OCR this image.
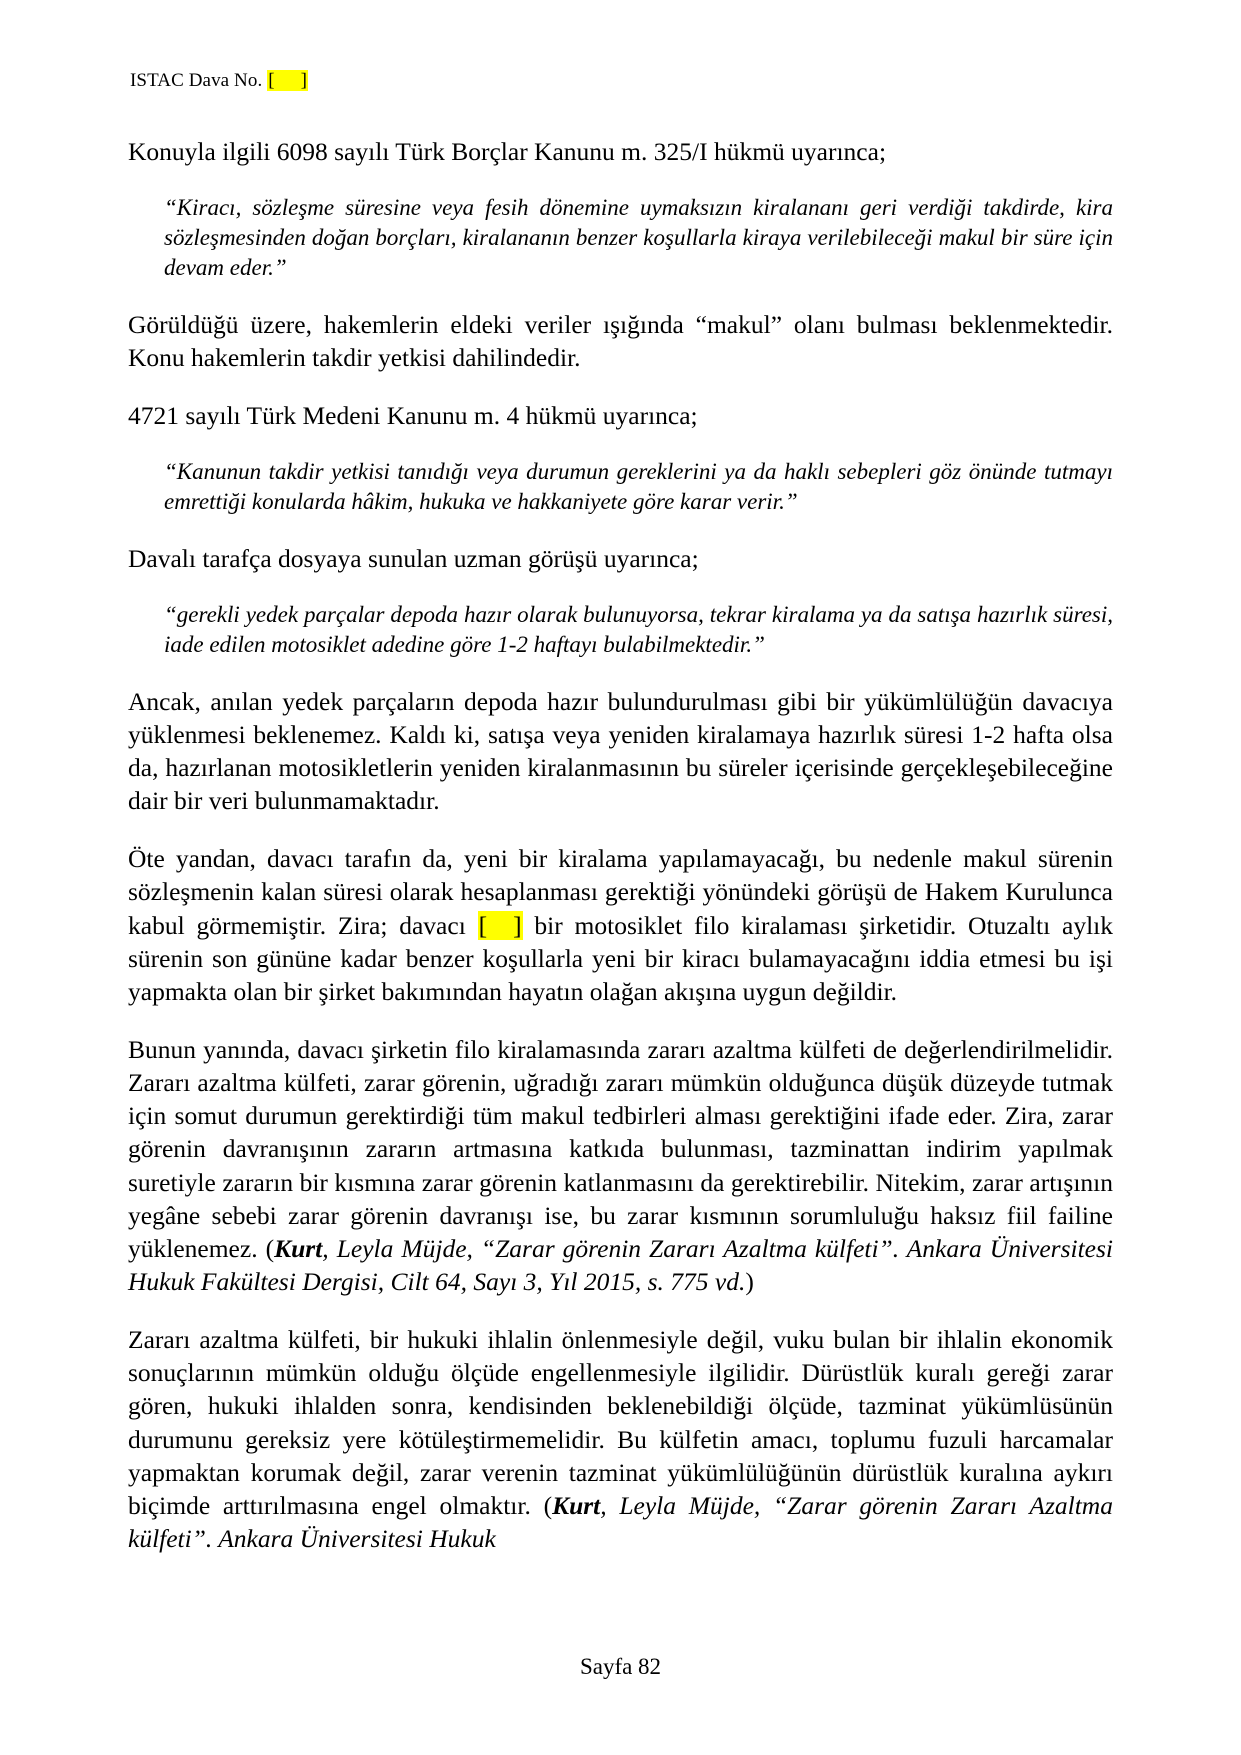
ISTAC Dava No. [ ]

Konuyla ilgili 6098 sayılı Türk Borçlar Kanunu m. 325/I hükmü uyarınca;

“Kiracı, sözleşme süresine veya fesih dönemine uymaksızın kiralananı geri verdiği takdirde, kira sözleşmesinden doğan borçları, kiralananın benzer koşullarla kiraya verilebileceği makul bir süre için devam eder.”

Görüldüğü üzere, hakemlerin eldeki veriler ışığında “makul” olanı bulması beklenmektedir. Konu hakemlerin takdir yetkisi dahilindedir.

4721 sayılı Türk Medeni Kanunu m. 4 hükmü uyarınca;

“Kanunun takdir yetkisi tanıdığı veya durumun gereklerini ya da haklı sebepleri göz önünde tutmayı emrettiği konularda hâkim, hukuka ve hakkaniyete göre karar verir.”

Davalı tarafça dosyaya sunulan uzman görüşü uyarınca;

“gerekli yedek parçalar depoda hazır olarak bulunuyorsa, tekrar kiralama ya da satışa hazırlık süresi, iade edilen motosiklet adedine göre 1-2 haftayı bulabilmektedir.”

Ancak, anılan yedek parçaların depoda hazır bulundurulması gibi bir yükümlülüğün davacıya yüklenmesi beklenemez. Kaldı ki, satışa veya yeniden kiralamaya hazırlık süresi 1-2 hafta olsa da, hazırlanan motosikletlerin yeniden kiralanmasının bu süreler içerisinde gerçekleşebileceğine dair bir veri bulunmamaktadır.

Öte yandan, davacı tarafın da, yeni bir kiralama yapılamayacağı, bu nedenle makul sürenin sözleşmenin kalan süresi olarak hesaplanması gerektiği yönündeki görüşü de Hakem Kurulunca kabul görmemiştir. Zira; davacı [ ] bir motosiklet filo kiralaması şirketidir. Otuzaltı aylık sürenin son gününe kadar benzer koşullarla yeni bir kiracı bulamayacağını iddia etmesi bu işi yapmakta olan bir şirket bakımından hayatın olağan akışına uygun değildir.

Bunun yanında, davacı şirketin filo kiralamasında zararı azaltma külfeti de değerlendirilmelidir. Zararı azaltma külfeti, zarar görenin, uğradığı zararı mümkün olduğunca düşük düzeyde tutmak için somut durumun gerektirdiği tüm makul tedbirleri alması gerektiğini ifade eder. Zira, zarar görenin davranışının zararın artmasına katkıda bulunması, tazminattan indirim yapılmak suretiyle zararın bir kısmına zarar görenin katlanmasını da gerektirebilir. Nitekim, zarar artışının yegâne sebebi zarar görenin davranışı ise, bu zarar kısmının sorumluluğu haksız fiil failine yüklenemez. (Kurt, Leyla Müjde, “Zarar görenin Zararı Azaltma külfeti”. Ankara Üniversitesi Hukuk Fakültesi Dergisi, Cilt 64, Sayı 3, Yıl 2015, s. 775 vd.)

Zararı azaltma külfeti, bir hukuki ihlalin önlenmesiyle değil, vuku bulan bir ihlalin ekonomik sonuçlarının mümkün olduğu ölçüde engellenmesiyle ilgilidir. Dürüstlük kuralı gereği zarar gören, hukuki ihlalden sonra, kendisinden beklenebildiği ölçüde, tazminat yükümlüsünün durumunu gereksiz yere kötüleştirmemelidir. Bu külfetin amacı, toplumu fuzuli harcamalar yapmaktan korumak değil, zarar verenin tazminat yükümlülüğünün dürüstlük kuralına aykırı biçimde arttırılmasına engel olmaktır. (Kurt, Leyla Müjde, “Zarar görenin Zararı Azaltma külfeti”. Ankara Üniversitesi Hukuk

Sayfa 82
